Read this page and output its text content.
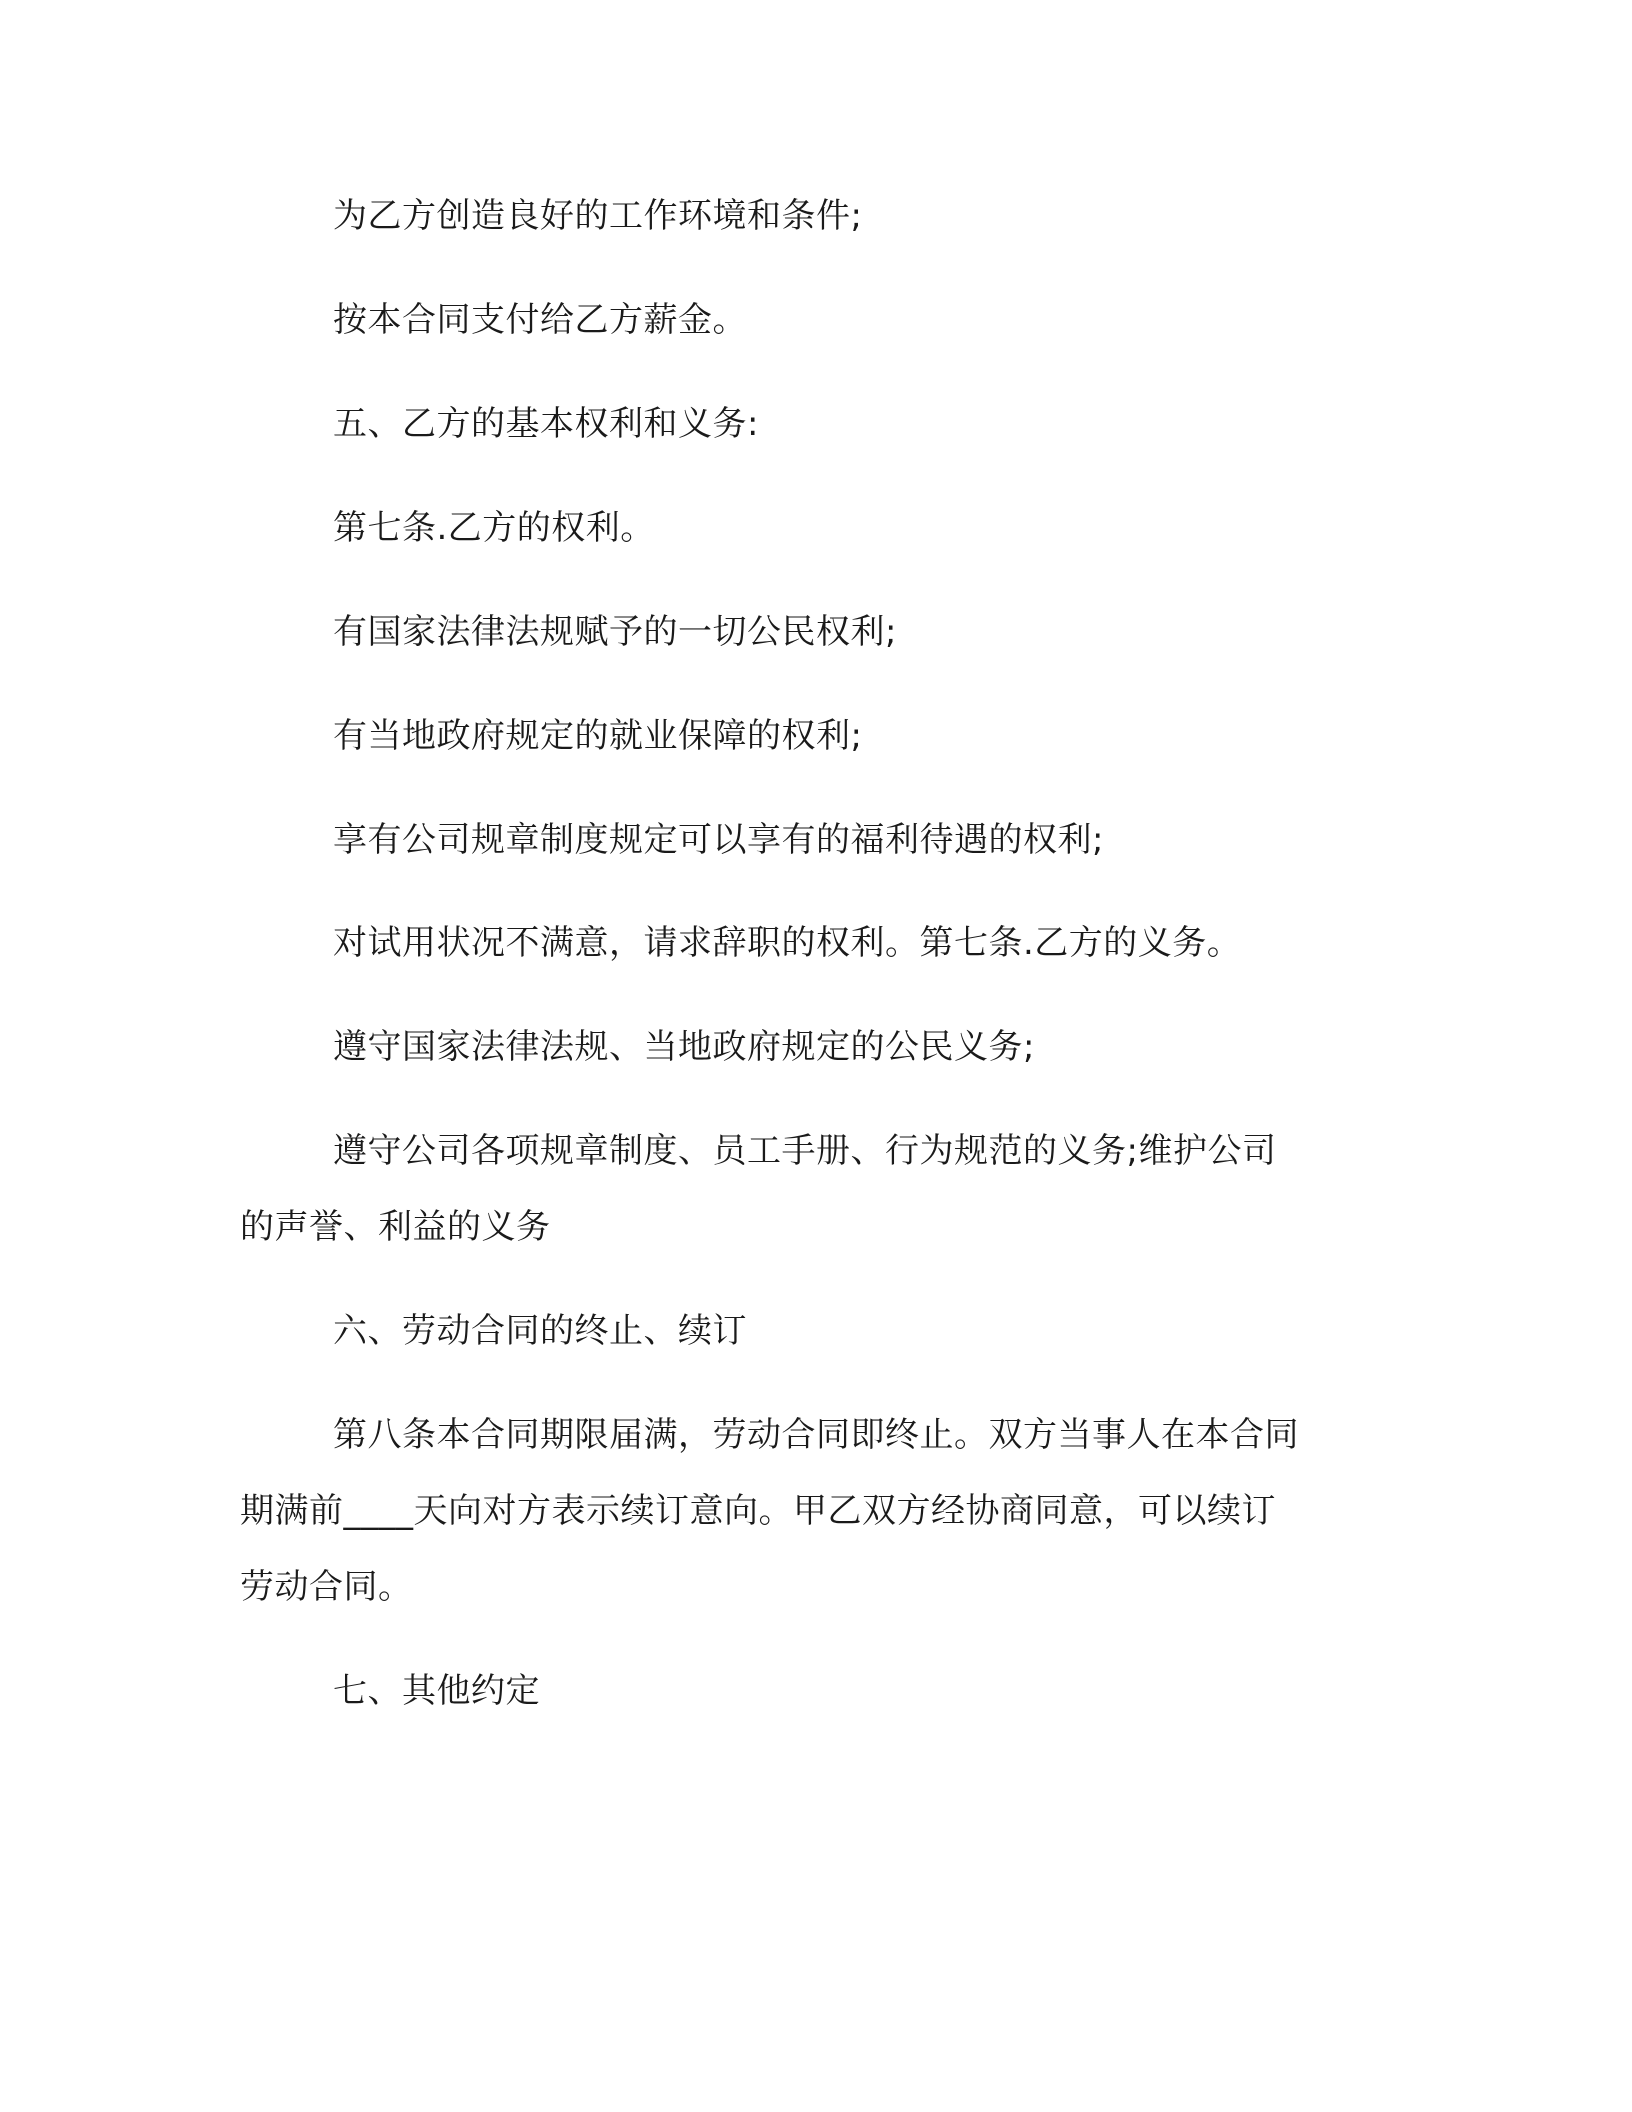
为乙方创造良好的工作环境和条件;

按本合同支付给乙方薪金。

五、乙方的基本权利和义务:

第七条.乙方的权利。

有国家法律法规赋予的一切公民权利;

有当地政府规定的就业保障的权利;

享有公司规章制度规定可以享有的福利待遇的权利;

对试用状况不满意，请求辞职的权利。第七条.乙方的义务。

遵守国家法律法规、当地政府规定的公民义务;

遵守公司各项规章制度、员工手册、行为规范的义务;维护公司

的声誉、利益的义务

六、劳动合同的终止、续订

第八条本合同期限届满，劳动合同即终止。双方当事人在本合同

期满前____天向对方表示续订意向。甲乙双方经协商同意，可以续订

劳动合同。

七、其他约定
